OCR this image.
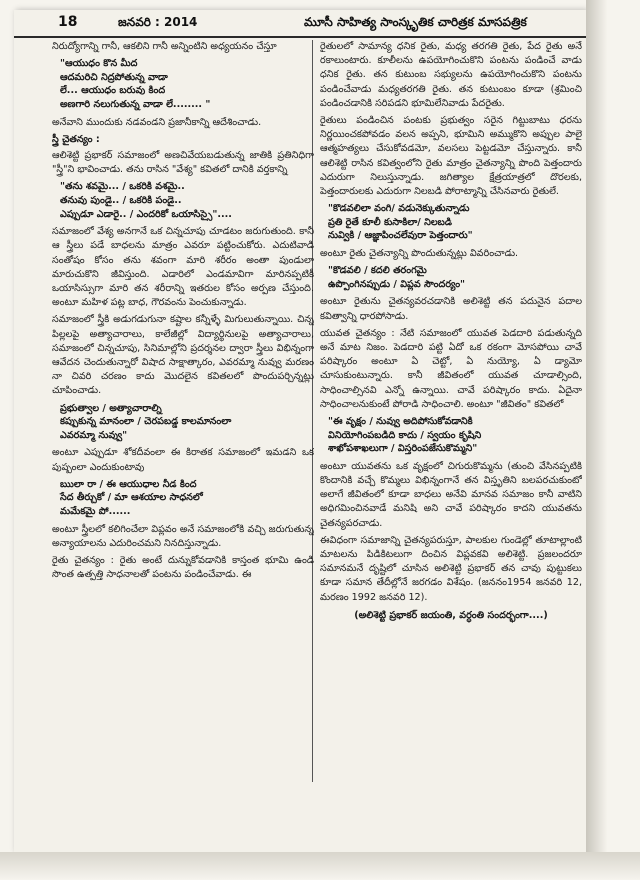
18	జనవరి : 2014	మూసీ సాహిత్య సాంస్కృతిక చారిత్రక మాసపత్రిక

నిరుద్యోగాన్ని గానీ, ఆకలిని గానీ అన్నింటిని అధ్యయనం చేస్తూ

"ఆయుధం కొన మీద
ఆదమరిచి నిద్రపోతున్న వాడా
లే... ఆయుధం బరువు కింద
అణగారి నలుగుతున్న వాడా లే........ "

అనేవాని ముందుకు నడవండని ప్రజానీకాన్ని ఆదేశించాడు.

స్త్రీ చైతన్యం :

ఆలిశెట్టి ప్రభాకర్ సమాజంలో అణచివేయబడుతున్న జాతికి ప్రతినిధిగా "స్త్రీ"ని భావించాడు. తను రాసిన "వేశ్య" కవితలో దానికి వర్తకాన్ని

"తను శవమై... / ఒకరికి వశమై..
తనువు పుండై.. / ఒకరికి పండై..
ఎప్పుడూ ఎడారై.. / ఎందరికో ఒయాసిస్సై"....

సమాజంలో వేశ్య అనగానే ఒక చిన్నచూపు చూడటం జరుగుతుంది. కానీ ఆ స్త్రీలు పడే బాధలను మాత్రం ఎవరూ పట్టించుకోరు. ఎదుటివాడి సంతోషం కోసం తను శవంగా మారి శరీరం అంతా పుండులా మారుచుకొని జీవిస్తుంది. ఎడారిలో ఎండమావిగా మారినప్పటికీ ఒయాసిస్సుగా మారి తన శరీరాన్ని ఇతరుల కోసం అర్పణ చేస్తుంది. అంటూ మహిళ పట్ల బాధ, గౌరవంను పెంచుకున్నాడు.

సమాజంలో స్త్రీకి అడుగడుగునా కష్టాల కన్నీళ్ళే మిగులుతున్నాయి. చిన్న పిల్లలపై అత్యాచారాలు, కాలేజీల్లో విద్యార్థినులపై అత్యాచారాలు, సమాజంలో చిన్నచూపు, సినిమాల్లోని ప్రదర్శనల ద్వారా స్త్రీలు విభిన్నంగా ఆవేదన చెందుతున్నారో విషాద సాక్షాత్కారం, ఎవరమ్మా నువ్వు మరణం నా చివరి చరణం కాదు మొదలైన కవితలలో పొందుపర్చిన్నట్లు చూపించాడు.

ప్రభుత్వాల / అత్యాచారాల్ని
కప్పుకున్న మానంలా / చెరపబడ్డ కాలమానంలా
ఎవరమ్మా నువ్వు"

అంటూ ఎప్పుడూ శోకదీవంలా ఈ కిరాతక సమాజంలో ఇమడని ఒక పుష్పంలా ఎందుకుంటావు

ఋలా రా / ఈ ఆయుధాల నీడ కింద
సేద తీర్చుకో / మా ఆశయాల సాధనలో
మమేకమై పో......

అంటూ స్త్రీలలో కలిగించేలా విప్లవం అనే సమాజంలోకి వచ్చి జరుగుతున్న అన్యాయాలను ఎదురించమని నినదిస్తున్నాడు.

రైతు చైతన్యం : రైతు అంటే దున్నుకోవడానికి కాస్తంత భూమి ఉండి సొంత ఉత్పత్తి సాధనాలతో పంటను పండించేవాడు. ఈ

రైతులలో సామాన్య ధనిక రైతు, మధ్య తరగతి రైతు, పేద రైతు అనే రకాలుంటారు. కూలీలను ఉపయోగించుకొని పంటను పండించే వాడు ధనిక రైతు. తన కుటుంబ సభ్యులను ఉపయోగించుకొని పంటను పండించేవాడు మధ్యతరగతి రైతు. తన కుటుంబం కూడా (శ్రమించి పండించడానికి సరిపడని భూమిలేనివాడు పేదరైతు.

రైతులు పండించిన పంటకు ప్రభుత్వం సరైన గిట్టుబాటు ధరను నిర్ణయించకపోవడం వలన అప్పని, భూమిని అమ్ముకొని అప్పుల పాలై ఆత్మహత్యలు చేసుకోవడమో, వలసలు పెట్టడమో చేస్తున్నారు. కానీ ఆలిశెట్టి రాసిన కవిత్వంలోని రైతు మాత్రం చైతన్యాన్ని పొంది పెత్తందారు ఎదురుగా నిలుస్తున్నాడు. జగిత్యాల క్షేత్రయాత్రలో దొరలకు, పెత్తందారులకు ఎదురుగా నిలబడి పోరాట్మాన్ని చేసినవారు రైతులే.

"కొడవలిలా వంగి/ వడునెక్కుతున్నాడు
ప్రతి రైతే కూలీ కుసాకిలా/ నిలబడి
నువ్వికి / ఆజ్ఞాపించలేవురా పెత్తందారు"

అంటూ రైతు చైతన్యాన్ని పొందుతున్నట్లు వివరించాడు.

"కొడవలి / కదలి తరంగమై
ఉప్పొంగినప్పుడు / విప్లవ సౌందర్యం"

అంటూ రైతును చైతన్యవరచడానికి అలిశెట్టి తన పదునైన పదాల కవిత్వాన్ని ధారపోసాడు.

యువత చైతన్యం : నేటి సమాజంలో యువత పెడదారి పడుతున్నది అనే మాట నిజం. పెడదారి పట్టి ఏదో ఒక రకంగా మోసపోయి చావే పరిష్కారం అంటూ ఏ చెట్టో, ఏ నుయ్యో, ఏ డ్యామో చూసుకుంటున్నారు. కానీ జీవితంలో యువత చూడాల్సింది, సాధించాల్సినవి ఎన్నో ఉన్నాయి. చావే పరిష్కారం కాదు. ఏదైనా సాధించాలనుకుంటే పోరాడి సాధించాలి. అంటూ "జీవితం" కవితలో

"ఈ వృక్షం / నువ్వు అదిపోసుకోవడానికి
వినియోగింపబడిది కాదు / స్వయం కృషిని
శాఖోపశాఖలుగా / విస్తరింపజేసుకొమ్మని"

అంటూ యువతను ఒక వృక్షంలో చిగురుకొమ్మను (తుంచి వేసినప్పటికి కొందానికి వచ్చే కొమ్మలు విభిన్నంగానే తన విస్తృతిని బలపరచుకుంటో అలాగే జీవితంలో కూడా బాధలు అనేవి మానవ సమాజం కానీ వాటిని అధిగమించినవాడే మనిషి అని చావే పరిష్కారం కాదని యువతను చైతన్యపరచాడు.

ఈవిధంగా సమాజాన్ని చైతన్యపరుస్తూ, పాలకుల గుండెల్లో తూటాల్లాంటి మాటలను పిడికిటలుగా దించిన విప్లవకవి అలిశెట్టి. ప్రజలందరూ సమానమనే దృష్టిలో చూసిన అలిశెట్టి ప్రభాకర్ తన చావు పుట్టుకలు కూడా సమాన తేదీల్లోనే జరగడం విశేషం. (జననం1954 జనవరి 12, మరణం 1992 జనవరి 12).

(అలిశెట్టి ప్రభాకర్ జయంతి, వర్ధంతి సందర్భంగా....)
